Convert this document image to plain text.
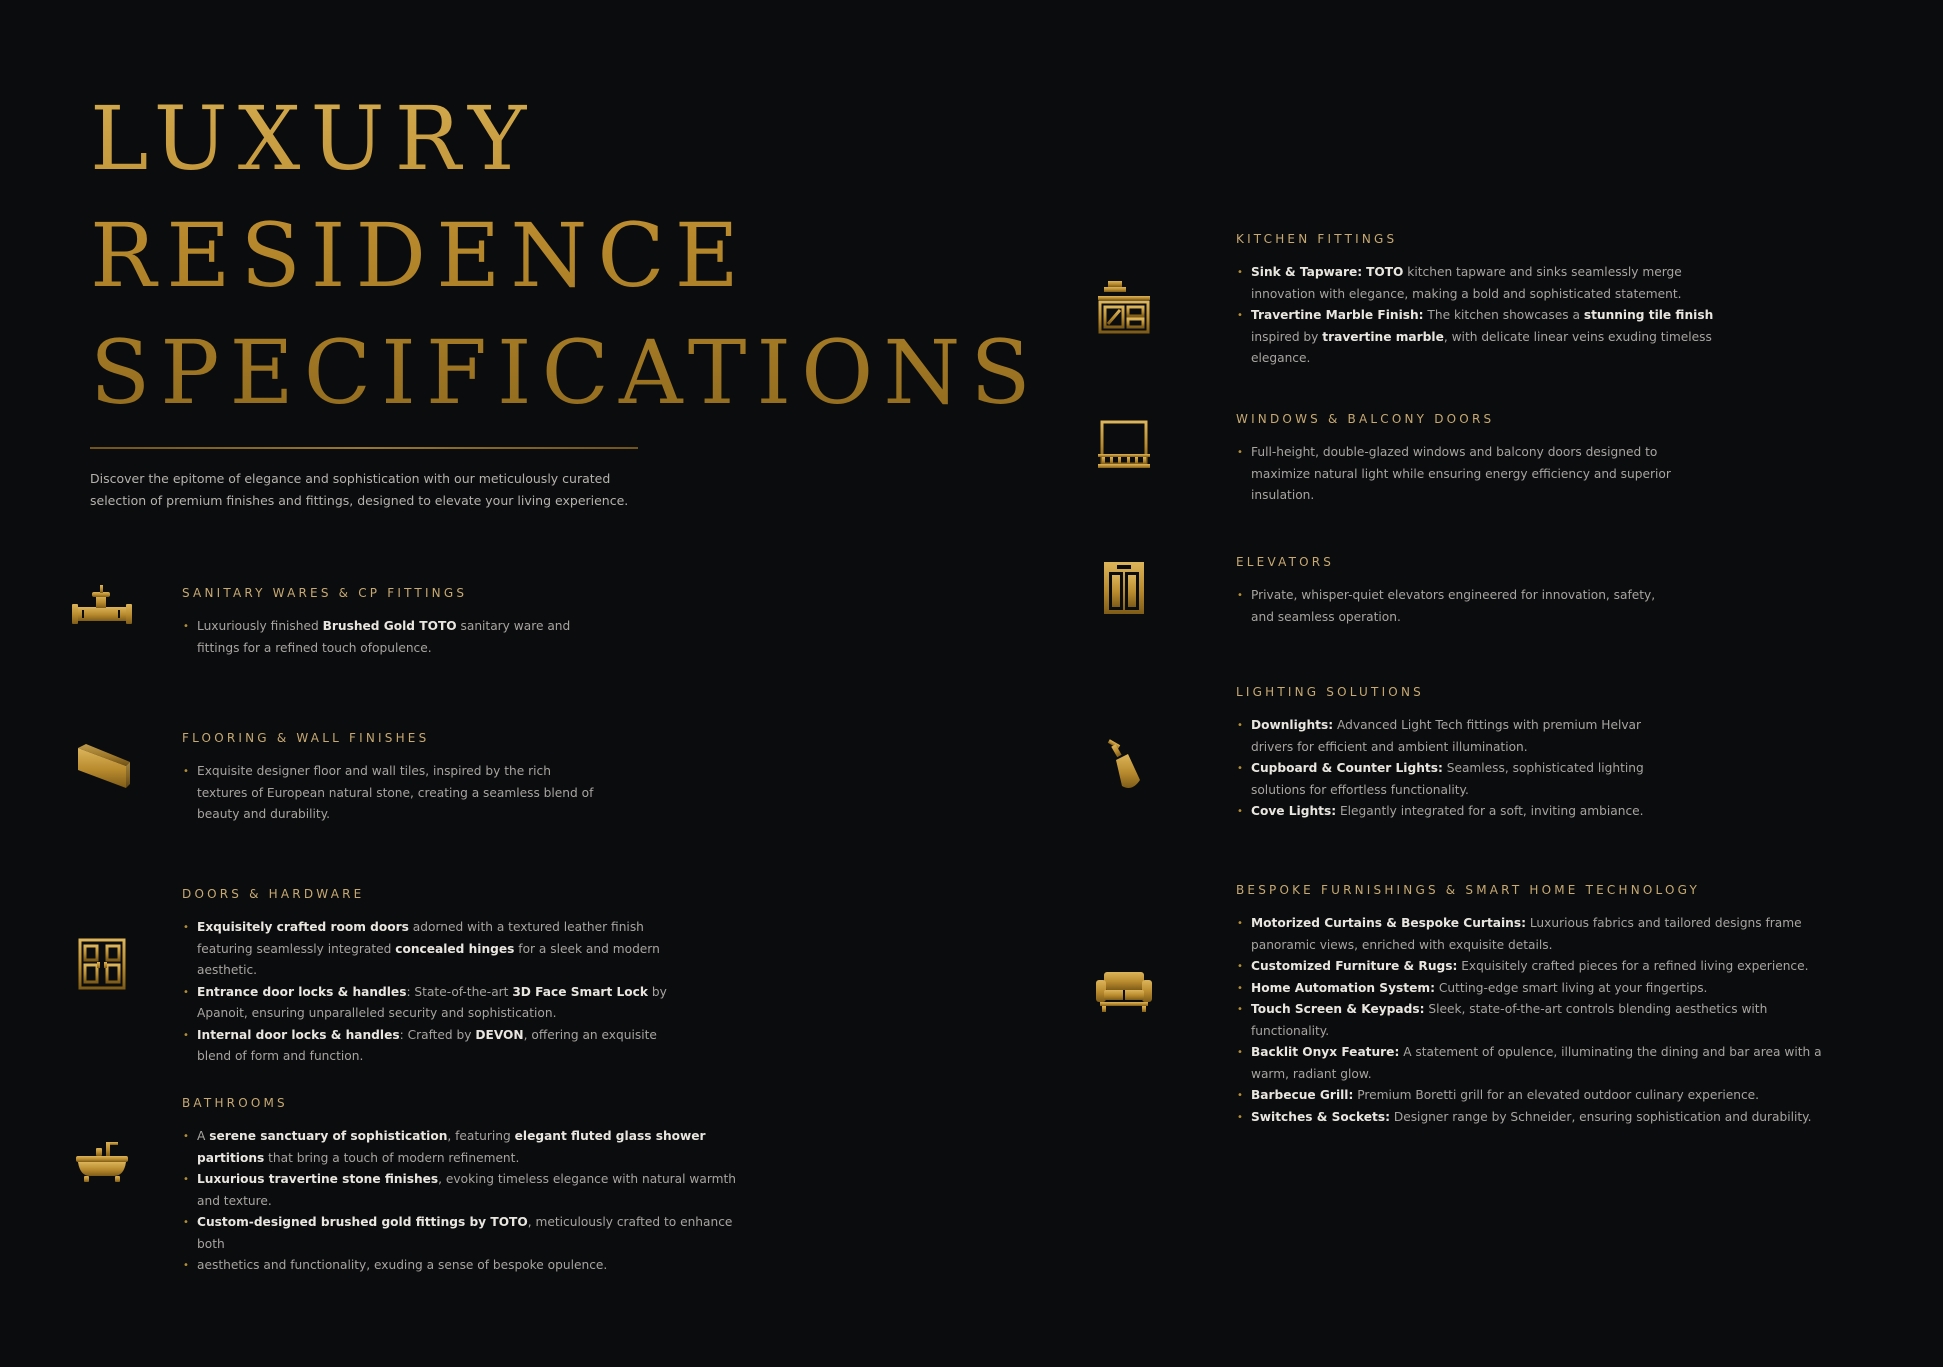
LUXURY
RESIDENCE
SPECIFICATIONS

Discover the epitome of elegance and sophistication with our meticulously curated selection of premium finishes and fittings, designed to elevate your living experience.

SANITARY WARES & CP FITTINGS
• Luxuriously finished Brushed Gold TOTO sanitary ware and fittings for a refined touch ofopulence.
FLOORING & WALL FINISHES
• Exquisite designer floor and wall tiles, inspired by the rich textures of European natural stone, creating a seamless blend of beauty and durability.
DOORS & HARDWARE
• Exquisitely crafted room doors adorned with a textured leather finish featuring seamlessly integrated concealed hinges for a sleek and modern aesthetic.
• Entrance door locks & handles: State-of-the-art 3D Face Smart Lock by Apanoit, ensuring unparalleled security and sophistication.
• Internal door locks & handles: Crafted by DEVON, offering an exquisite blend of form and function.
BATHROOMS
• A serene sanctuary of sophistication, featuring elegant fluted glass shower partitions that bring a touch of modern refinement.
• Luxurious travertine stone finishes, evoking timeless elegance with natural warmth and texture.
• Custom-designed brushed gold fittings by TOTO, meticulously crafted to enhance both
• aesthetics and functionality, exuding a sense of bespoke opulence.
KITCHEN FITTINGS
• Sink & Tapware: TOTO kitchen tapware and sinks seamlessly merge innovation with elegance, making a bold and sophisticated statement.
• Travertine Marble Finish: The kitchen showcases a stunning tile finish inspired by travertine marble, with delicate linear veins exuding timeless elegance.
WINDOWS & BALCONY DOORS
• Full-height, double-glazed windows and balcony doors designed to maximize natural light while ensuring energy efficiency and superior insulation.
ELEVATORS
• Private, whisper-quiet elevators engineered for innovation, safety, and seamless operation.
LIGHTING SOLUTIONS
• Downlights: Advanced Light Tech fittings with premium Helvar drivers for efficient and ambient illumination.
• Cupboard & Counter Lights: Seamless, sophisticated lighting solutions for effortless functionality.
• Cove Lights: Elegantly integrated for a soft, inviting ambiance.
BESPOKE FURNISHINGS & SMART HOME TECHNOLOGY
• Motorized Curtains & Bespoke Curtains: Luxurious fabrics and tailored designs frame panoramic views, enriched with exquisite details.
• Customized Furniture & Rugs: Exquisitely crafted pieces for a refined living experience.
• Home Automation System: Cutting-edge smart living at your fingertips.
• Touch Screen & Keypads: Sleek, state-of-the-art controls blending aesthetics with functionality.
• Backlit Onyx Feature: A statement of opulence, illuminating the dining and bar area with a warm, radiant glow.
• Barbecue Grill: Premium Boretti grill for an elevated outdoor culinary experience.
• Switches & Sockets: Designer range by Schneider, ensuring sophistication and durability.
